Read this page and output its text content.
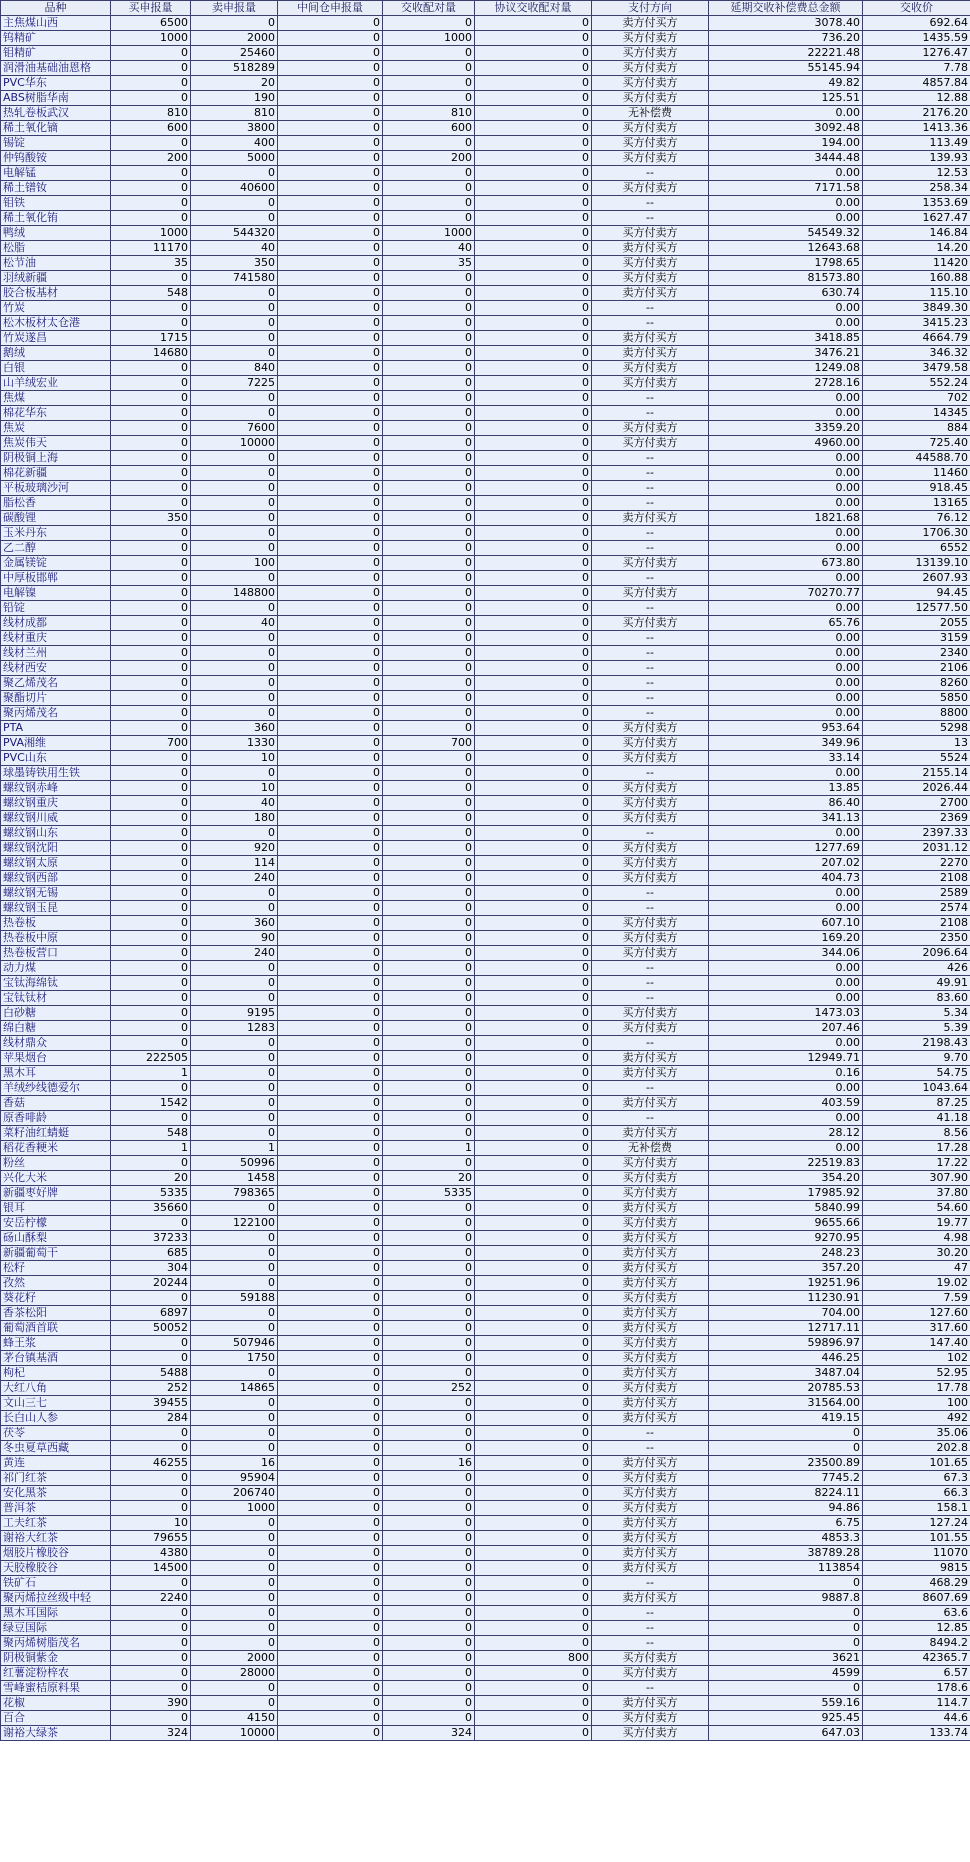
品种	买申报量	卖申报量	中间仓申报量	交收配对量	协议交收配对量	支付方向	延期交收补偿费总金额	交收价
主焦煤山西	6500	0	0	0	0	卖方付买方	3078.40	692.64
钨精矿	1000	2000	0	1000	0	买方付卖方	736.20	1435.59
钼精矿	0	25460	0	0	0	买方付卖方	22221.48	1276.47
润滑油基础油恩格	0	518289	0	0	0	买方付卖方	55145.94	7.78
PVC华东	0	20	0	0	0	买方付卖方	49.82	4857.84
ABS树脂华南	0	190	0	0	0	买方付卖方	125.51	12.88
热轧卷板武汉	810	810	0	810	0	无补偿费	0.00	2176.20
稀土氧化镝	600	3800	0	600	0	买方付卖方	3092.48	1413.36
锡锭	0	400	0	0	0	买方付卖方	194.00	113.49
仲钨酸铵	200	5000	0	200	0	买方付卖方	3444.48	139.93
电解锰	0	0	0	0	0	--	0.00	12.53
稀土镨钕	0	40600	0	0	0	买方付卖方	7171.58	258.34
钼铁	0	0	0	0	0	--	0.00	1353.69
稀土氧化铕	0	0	0	0	0	--	0.00	1627.47
鸭绒	1000	544320	0	1000	0	买方付卖方	54549.32	146.84
松脂	11170	40	0	40	0	卖方付买方	12643.68	14.20
松节油	35	350	0	35	0	买方付卖方	1798.65	11420
羽绒新疆	0	741580	0	0	0	买方付卖方	81573.80	160.88
胶合板基材	548	0	0	0	0	卖方付买方	630.74	115.10
竹炭	0	0	0	0	0	--	0.00	3849.30
松木板材太仓港	0	0	0	0	0	--	0.00	3415.23
竹炭遂昌	1715	0	0	0	0	卖方付买方	3418.85	4664.79
鹅绒	14680	0	0	0	0	卖方付买方	3476.21	346.32
白银	0	840	0	0	0	买方付卖方	1249.08	3479.58
山羊绒宏业	0	7225	0	0	0	买方付卖方	2728.16	552.24
焦煤	0	0	0	0	0	--	0.00	702
棉花华东	0	0	0	0	0	--	0.00	14345
焦炭	0	7600	0	0	0	买方付卖方	3359.20	884
焦炭伟天	0	10000	0	0	0	买方付卖方	4960.00	725.40
阴极铜上海	0	0	0	0	0	--	0.00	44588.70
棉花新疆	0	0	0	0	0	--	0.00	11460
平板玻璃沙河	0	0	0	0	0	--	0.00	918.45
脂松香	0	0	0	0	0	--	0.00	13165
碳酸锂	350	0	0	0	0	卖方付买方	1821.68	76.12
玉米丹东	0	0	0	0	0	--	0.00	1706.30
乙二醇	0	0	0	0	0	--	0.00	6552
金属镁锭	0	100	0	0	0	买方付卖方	673.80	13139.10
中厚板邯郸	0	0	0	0	0	--	0.00	2607.93
电解镍	0	148800	0	0	0	买方付卖方	70270.77	94.45
铅锭	0	0	0	0	0	--	0.00	12577.50
线材成都	0	40	0	0	0	买方付卖方	65.76	2055
线材重庆	0	0	0	0	0	--	0.00	3159
线材兰州	0	0	0	0	0	--	0.00	2340
线材西安	0	0	0	0	0	--	0.00	2106
聚乙烯茂名	0	0	0	0	0	--	0.00	8260
聚酯切片	0	0	0	0	0	--	0.00	5850
聚丙烯茂名	0	0	0	0	0	--	0.00	8800
PTA	0	360	0	0	0	买方付卖方	953.64	5298
PVA湘维	700	1330	0	700	0	买方付卖方	349.96	13
PVC山东	0	10	0	0	0	买方付卖方	33.14	5524
球墨铸铁用生铁	0	0	0	0	0	--	0.00	2155.14
螺纹钢赤峰	0	10	0	0	0	买方付卖方	13.85	2026.44
螺纹钢重庆	0	40	0	0	0	买方付卖方	86.40	2700
螺纹钢川威	0	180	0	0	0	买方付卖方	341.13	2369
螺纹钢山东	0	0	0	0	0	--	0.00	2397.33
螺纹钢沈阳	0	920	0	0	0	买方付卖方	1277.69	2031.12
螺纹钢太原	0	114	0	0	0	买方付卖方	207.02	2270
螺纹钢西部	0	240	0	0	0	买方付卖方	404.73	2108
螺纹钢无锡	0	0	0	0	0	--	0.00	2589
螺纹钢玉昆	0	0	0	0	0	--	0.00	2574
热卷板	0	360	0	0	0	买方付卖方	607.10	2108
热卷板中原	0	90	0	0	0	买方付卖方	169.20	2350
热卷板营口	0	240	0	0	0	买方付卖方	344.06	2096.64
动力煤	0	0	0	0	0	--	0.00	426
宝钛海绵钛	0	0	0	0	0	--	0.00	49.91
宝钛钛材	0	0	0	0	0	--	0.00	83.60
白砂糖	0	9195	0	0	0	买方付卖方	1473.03	5.34
绵白糖	0	1283	0	0	0	买方付卖方	207.46	5.39
线材鼎众	0	0	0	0	0	--	0.00	2198.43
苹果烟台	222505	0	0	0	0	卖方付买方	12949.71	9.70
黑木耳	1	0	0	0	0	卖方付买方	0.16	54.75
羊绒纱线德爱尔	0	0	0	0	0	--	0.00	1043.64
香菇	1542	0	0	0	0	卖方付买方	403.59	87.25
原香啡龄	0	0	0	0	0	--	0.00	41.18
菜籽油红蜻蜓	548	0	0	0	0	卖方付买方	28.12	8.56
稻花香粳米	1	1	0	1	0	无补偿费	0.00	17.28
粉丝	0	50996	0	0	0	买方付卖方	22519.83	17.22
兴化大米	20	1458	0	20	0	买方付卖方	354.20	307.90
新疆枣好牌	5335	798365	0	5335	0	买方付卖方	17985.92	37.80
银耳	35660	0	0	0	0	卖方付买方	5840.99	54.60
安岳柠檬	0	122100	0	0	0	买方付卖方	9655.66	19.77
砀山酥梨	37233	0	0	0	0	卖方付买方	9270.95	4.98
新疆葡萄干	685	0	0	0	0	卖方付买方	248.23	30.20
松籽	304	0	0	0	0	卖方付买方	357.20	47
孜然	20244	0	0	0	0	卖方付买方	19251.96	19.02
葵花籽	0	59188	0	0	0	买方付卖方	11230.91	7.59
香茶松阳	6897	0	0	0	0	卖方付买方	704.00	127.60
葡萄酒首联	50052	0	0	0	0	卖方付买方	12717.11	317.60
蜂王浆	0	507946	0	0	0	买方付卖方	59896.97	147.40
茅台镇基酒	0	1750	0	0	0	买方付卖方	446.25	102
枸杞	5488	0	0	0	0	卖方付买方	3487.04	52.95
大红八角	252	14865	0	252	0	买方付卖方	20785.53	17.78
文山三七	39455	0	0	0	0	卖方付买方	31564.00	100
长白山人参	284	0	0	0	0	卖方付买方	419.15	492
茯苓	0	0	0	0	0	--	0	35.06
冬虫夏草西藏	0	0	0	0	0	--	0	202.8
黄连	46255	16	0	16	0	卖方付买方	23500.89	101.65
祁门红茶	0	95904	0	0	0	买方付卖方	7745.2	67.3
安化黑茶	0	206740	0	0	0	买方付卖方	8224.11	66.3
普洱茶	0	1000	0	0	0	买方付卖方	94.86	158.1
工夫红茶	10	0	0	0	0	卖方付买方	6.75	127.24
谢裕大红茶	79655	0	0	0	0	卖方付买方	4853.3	101.55
烟胶片橡胶谷	4380	0	0	0	0	卖方付买方	38789.28	11070
天胶橡胶谷	14500	0	0	0	0	卖方付买方	113854	9815
铁矿石	0	0	0	0	0	--	0	468.29
聚丙烯拉丝级中轻	2240	0	0	0	0	卖方付买方	9887.8	8607.69
黑木耳国际	0	0	0	0	0	--	0	63.6
绿豆国际	0	0	0	0	0	--	0	12.85
聚丙烯树脂茂名	0	0	0	0	0	--	0	8494.2
阴极铜紫金	0	2000	0	0	800	买方付卖方	3621	42365.7
红薯淀粉梓农	0	28000	0	0	0	买方付卖方	4599	6.57
雪峰蜜桔原料果	0	0	0	0	0	--	0	178.6
花椒	390	0	0	0	0	卖方付买方	559.16	114.7
百合	0	4150	0	0	0	买方付卖方	925.45	44.6
谢裕大绿茶	324	10000	0	324	0	买方付卖方	647.03	133.74
